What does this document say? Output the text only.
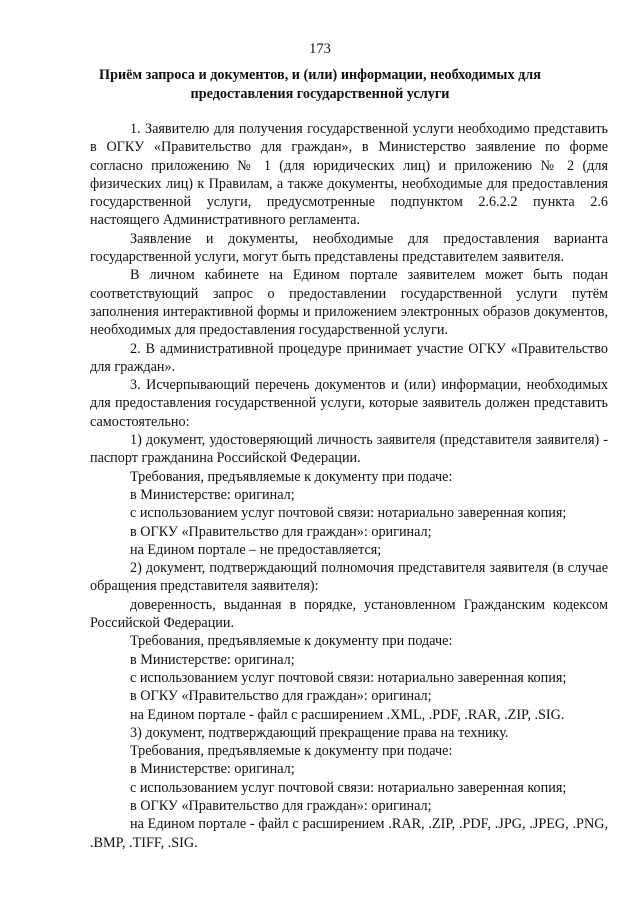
173
Приём запроса и документов, и (или) информации, необходимых для предоставления государственной услуги

1. Заявителю для получения государственной услуги необходимо представить в ОГКУ «Правительство для граждан», в Министерство заявление по форме согласно приложению № 1 (для юридических лиц) и приложению № 2 (для физических лиц) к Правилам, а также документы, необходимые для предоставления государственной услуги, предусмотренные подпунктом 2.6.2.2 пункта 2.6 настоящего Административного регламента.

Заявление и документы, необходимые для предоставления варианта государственной услуги, могут быть представлены представителем заявителя.

В личном кабинете на Едином портале заявителем может быть подан соответствующий запрос о предоставлении государственной услуги путём заполнения интерактивной формы и приложением электронных образов документов, необходимых для предоставления государственной услуги.

2. В административной процедуре принимает участие ОГКУ «Правительство для граждан».

3. Исчерпывающий перечень документов и (или) информации, необходимых для предоставления государственной услуги, которые заявитель должен представить самостоятельно:

1) документ, удостоверяющий личность заявителя (представителя заявителя) - паспорт гражданина Российской Федерации.

Требования, предъявляемые к документу при подаче:

в Министерстве: оригинал;

с использованием услуг почтовой связи: нотариально заверенная копия;

в ОГКУ «Правительство для граждан»: оригинал;

на Едином портале – не предоставляется;

2) документ, подтверждающий полномочия представителя заявителя (в случае обращения представителя заявителя):

доверенность, выданная в порядке, установленном Гражданским кодексом Российской Федерации.

Требования, предъявляемые к документу при подаче:

в Министерстве: оригинал;

с использованием услуг почтовой связи: нотариально заверенная копия;

в ОГКУ «Правительство для граждан»: оригинал;

на Едином портале - файл с расширением .XML, .PDF, .RAR, .ZIP, .SIG.

3) документ, подтверждающий прекращение права на технику.

Требования, предъявляемые к документу при подаче:

в Министерстве: оригинал;

с использованием услуг почтовой связи: нотариально заверенная копия;

в ОГКУ «Правительство для граждан»: оригинал;

на Едином портале - файл с расширением .RAR, .ZIP, .PDF, .JPG, .JPEG, .PNG, .BMP, .TIFF, .SIG.
